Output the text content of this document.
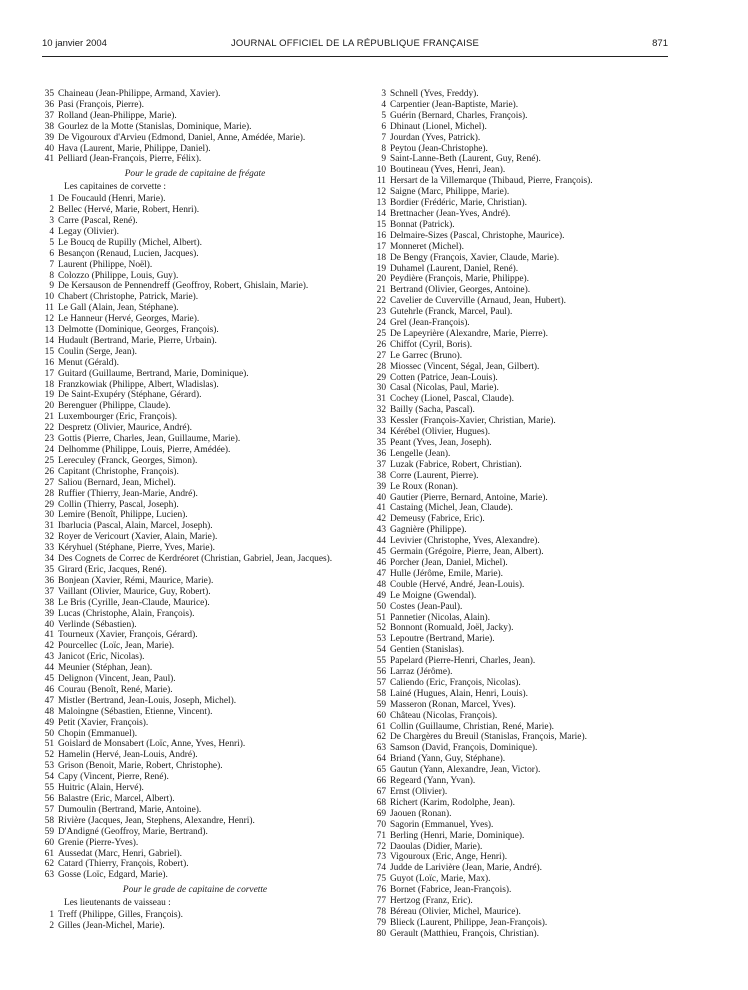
10 janvier 2004	JOURNAL OFFICIEL DE LA RÉPUBLIQUE FRANÇAISE	871
35 Chaineau (Jean-Philippe, Armand, Xavier).
36 Pasi (François, Pierre).
37 Rolland (Jean-Philippe, Marie).
38 Gourlez de la Motte (Stanislas, Dominique, Marie).
39 De Vigouroux d'Arvieu (Edmond, Daniel, Anne, Amédée, Marie).
40 Hava (Laurent, Marie, Philippe, Daniel).
41 Pelliard (Jean-François, Pierre, Félix).
Pour le grade de capitaine de frégate
Les capitaines de corvette :
1 De Foucauld (Henri, Marie).
2 Bellec (Hervé, Marie, Robert, Henri).
3 Carre (Pascal, René).
4 Legay (Olivier).
5 Le Boucq de Rupilly (Michel, Albert).
6 Besançon (Renaud, Lucien, Jacques).
7 Laurent (Philippe, Noël).
8 Colozzo (Philippe, Louis, Guy).
9 De Kersauson de Pennendreff (Geoffroy, Robert, Ghislain, Marie).
10 Chabert (Christophe, Patrick, Marie).
11 Le Gall (Alain, Jean, Stéphane).
12 Le Hanneur (Hervé, Georges, Marie).
13 Delmotte (Dominique, Georges, François).
14 Hudault (Bertrand, Marie, Pierre, Urbain).
15 Coulin (Serge, Jean).
16 Menut (Gérald).
17 Guitard (Guillaume, Bertrand, Marie, Dominique).
18 Franzkowiak (Philippe, Albert, Wladislas).
19 De Saint-Exupéry (Stéphane, Gérard).
20 Berenguer (Philippe, Claude).
21 Luxembourger (Eric, François).
22 Despretz (Olivier, Maurice, André).
23 Gottis (Pierre, Charles, Jean, Guillaume, Marie).
24 Delhomme (Philippe, Louis, Pierre, Amédée).
25 Lereculey (Franck, Georges, Simon).
26 Capitant (Christophe, François).
27 Saliou (Bernard, Jean, Michel).
28 Ruffier (Thierry, Jean-Marie, André).
29 Collin (Thierry, Pascal, Joseph).
30 Lemire (Benoît, Philippe, Lucien).
31 Ibarlucia (Pascal, Alain, Marcel, Joseph).
32 Royer de Vericourt (Xavier, Alain, Marie).
33 Kéryhuel (Stéphane, Pierre, Yves, Marie).
34 Des Cognets de Correc de Kerdréoret (Christian, Gabriel, Jean, Jacques).
35 Girard (Eric, Jacques, René).
36 Bonjean (Xavier, Rémi, Maurice, Marie).
37 Vaillant (Olivier, Maurice, Guy, Robert).
38 Le Bris (Cyrille, Jean-Claude, Maurice).
39 Lucas (Christophe, Alain, François).
40 Verlinde (Sébastien).
41 Tourneux (Xavier, François, Gérard).
42 Pourcellec (Loïc, Jean, Marie).
43 Janicot (Eric, Nicolas).
44 Meunier (Stéphan, Jean).
45 Delignon (Vincent, Jean, Paul).
46 Courau (Benoît, René, Marie).
47 Mistler (Bertrand, Jean-Louis, Joseph, Michel).
48 Maloingne (Sébastien, Etienne, Vincent).
49 Petit (Xavier, François).
50 Chopin (Emmanuel).
51 Goislard de Monsabert (Loïc, Anne, Yves, Henri).
52 Hamelin (Hervé, Jean-Louis, André).
53 Grison (Benoit, Marie, Robert, Christophe).
54 Capy (Vincent, Pierre, René).
55 Huitric (Alain, Hervé).
56 Balastre (Eric, Marcel, Albert).
57 Dumoulin (Bertrand, Marie, Antoine).
58 Rivière (Jacques, Jean, Stephens, Alexandre, Henri).
59 D'Andigné (Geoffroy, Marie, Bertrand).
60 Grenie (Pierre-Yves).
61 Aussedat (Marc, Henri, Gabriel).
62 Catard (Thierry, François, Robert).
63 Gosse (Loïc, Edgard, Marie).
Pour le grade de capitaine de corvette
Les lieutenants de vaisseau :
1 Treff (Philippe, Gilles, François).
2 Gilles (Jean-Michel, Marie).
3 Schnell (Yves, Freddy).
4 Carpentier (Jean-Baptiste, Marie).
5 Guérin (Bernard, Charles, François).
6 Dhinaut (Lionel, Michel).
7 Jourdan (Yves, Patrick).
8 Peytou (Jean-Christophe).
9 Saint-Lanne-Beth (Laurent, Guy, René).
10 Boutineau (Yves, Henri, Jean).
11 Hersart de la Villemarque (Thibaud, Pierre, François).
12 Saigne (Marc, Philippe, Marie).
13 Bordier (Frédéric, Marie, Christian).
14 Brettnacher (Jean-Yves, André).
15 Bonnat (Patrick).
16 Delmaire-Sizes (Pascal, Christophe, Maurice).
17 Monneret (Michel).
18 De Bengy (François, Xavier, Claude, Marie).
19 Duhamel (Laurent, Daniel, René).
20 Peydière (François, Marie, Philippe).
21 Bertrand (Olivier, Georges, Antoine).
22 Cavelier de Cuverville (Arnaud, Jean, Hubert).
23 Gutehrle (Franck, Marcel, Paul).
24 Grel (Jean-François).
25 De Lapeyrière (Alexandre, Marie, Pierre).
26 Chiffot (Cyril, Boris).
27 Le Garrec (Bruno).
28 Miossec (Vincent, Ségal, Jean, Gilbert).
29 Cotten (Patrice, Jean-Louis).
30 Casal (Nicolas, Paul, Marie).
31 Cochey (Lionel, Pascal, Claude).
32 Bailly (Sacha, Pascal).
33 Kessler (François-Xavier, Christian, Marie).
34 Kérébel (Olivier, Hugues).
35 Peant (Yves, Jean, Joseph).
36 Lengelle (Jean).
37 Luzak (Fabrice, Robert, Christian).
38 Corre (Laurent, Pierre).
39 Le Roux (Ronan).
40 Gautier (Pierre, Bernard, Antoine, Marie).
41 Castaing (Michel, Jean, Claude).
42 Demeusy (Fabrice, Eric).
43 Gagnière (Philippe).
44 Levivier (Christophe, Yves, Alexandre).
45 Germain (Grégoire, Pierre, Jean, Albert).
46 Porcher (Jean, Daniel, Michel).
47 Hulle (Jérôme, Emile, Marie).
48 Couble (Hervé, André, Jean-Louis).
49 Le Moigne (Gwendal).
50 Costes (Jean-Paul).
51 Pannetier (Nicolas, Alain).
52 Bonnont (Romuald, Joël, Jacky).
53 Lepoutre (Bertrand, Marie).
54 Gentien (Stanislas).
55 Papelard (Pierre-Henri, Charles, Jean).
56 Larraz (Jérôme).
57 Caliendo (Eric, François, Nicolas).
58 Lainé (Hugues, Alain, Henri, Louis).
59 Masseron (Ronan, Marcel, Yves).
60 Château (Nicolas, François).
61 Collin (Guillaume, Christian, René, Marie).
62 De Chargères du Breuil (Stanislas, François, Marie).
63 Samson (David, François, Dominique).
64 Briand (Yann, Guy, Stéphane).
65 Gautun (Yann, Alexandre, Jean, Victor).
66 Regeard (Yann, Yvan).
67 Ernst (Olivier).
68 Richert (Karim, Rodolphe, Jean).
69 Jaouen (Ronan).
70 Sagorin (Emmanuel, Yves).
71 Berling (Henri, Marie, Dominique).
72 Daoulas (Didier, Marie).
73 Vigouroux (Eric, Ange, Henri).
74 Judde de Larivière (Jean, Marie, André).
75 Guyot (Loïc, Marie, Max).
76 Bornet (Fabrice, Jean-François).
77 Hertzog (Franz, Eric).
78 Béreau (Olivier, Michel, Maurice).
79 Blieck (Laurent, Philippe, Jean-François).
80 Gerault (Matthieu, François, Christian).
